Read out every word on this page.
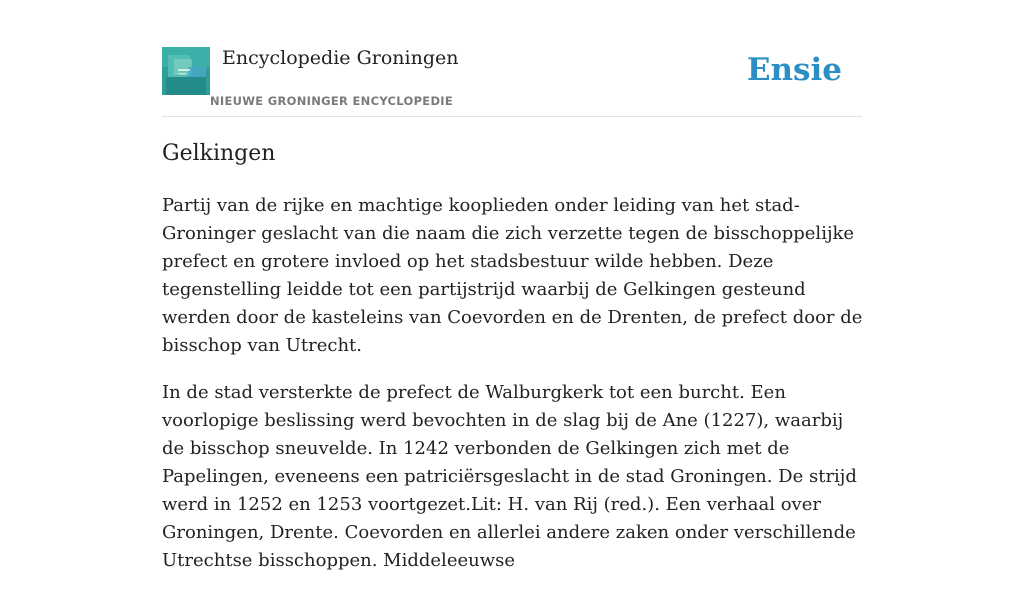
Encyclopedie Groningen
NIEUWE GRONINGER ENCYCLOPEDIE
Ensie
Gelkingen

Partij van de rijke en machtige kooplieden onder leiding van het stad-Groninger geslacht van die naam die zich verzette tegen de bisschoppelijke prefect en grotere invloed op het stadsbestuur wilde hebben. Deze tegenstelling leidde tot een partijstrijd waarbij de Gelkingen gesteund werden door de kasteleins van Coevorden en de Drenten, de prefect door de bisschop van Utrecht.

In de stad versterkte de prefect de Walburgkerk tot een burcht. Een voorlopige beslissing werd bevochten in de slag bij de Ane (1227), waarbij de bisschop sneuvelde. In 1242 verbonden de Gelkingen zich met de Papelingen, eveneens een patriciërsgeslacht in de stad Groningen. De strijd werd in 1252 en 1253 voortgezet.Lit: H. van Rij (red.). Een verhaal over Groningen, Drente. Coevorden en allerlei andere zaken onder verschillende Utrechtse bisschoppen. Middeleeuwse
